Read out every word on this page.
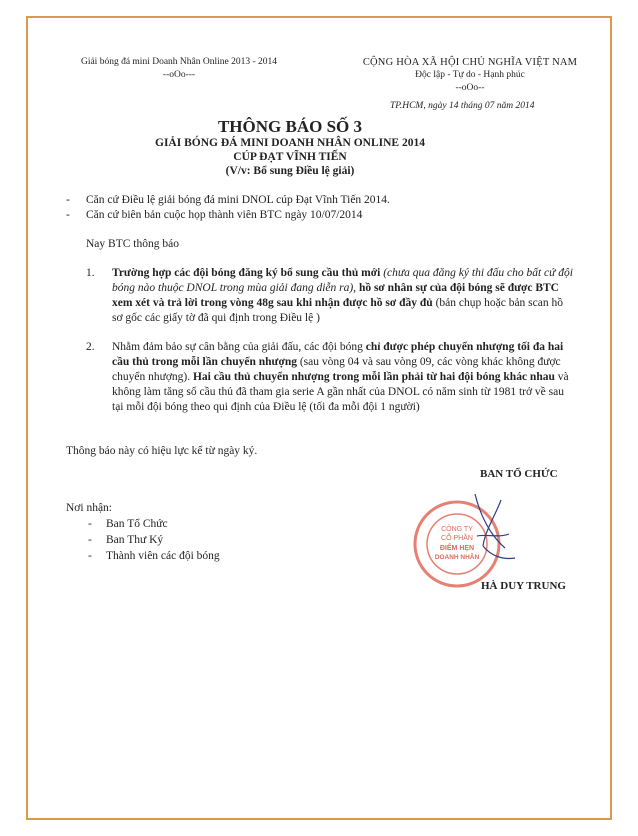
Giải bóng đá mini Doanh Nhân Online 2013 - 2014
--oOo---
CỘNG HÒA XÃ HỘI CHỦ NGHĨA VIỆT NAM
Độc lập - Tự do - Hạnh phúc
--oOo--
TP.HCM, ngày 14 tháng 07 năm 2014
THÔNG BÁO SỐ 3
GIẢI BÓNG ĐÁ MINI DOANH NHÂN ONLINE 2014
CÚP ĐẠT VĨNH TIẾN
(V/v: Bổ sung Điều lệ giải)
- Căn cứ Điều lệ giải bóng đá mini DNOL cúp Đạt Vĩnh Tiến 2014.
- Căn cứ biên bản cuộc họp thành viên BTC ngày 10/07/2014
Nay BTC thông báo
1. Trường hợp các đội bóng đăng ký bổ sung cầu thủ mới (chưa qua đăng ký thi đấu cho bất cứ đội bóng nào thuộc DNOL trong mùa giải đang diễn ra), hồ sơ nhân sự của đội bóng sẽ được BTC xem xét và trả lời trong vòng 48g sau khi nhận được hồ sơ đầy đủ (bản chụp hoặc bản scan hồ sơ gốc các giấy tờ đã qui định trong Điều lệ )
2. Nhằm đảm bảo sự cân bằng của giải đấu, các đội bóng chỉ được phép chuyển nhượng tối đa hai cầu thủ trong mỗi lần chuyển nhượng (sau vòng 04 và sau vòng 09, các vòng khác không được chuyển nhượng). Hai cầu thủ chuyển nhượng trong mỗi lần phải từ hai đội bóng khác nhau và không làm tăng số cầu thủ đã tham gia serie A gần nhất của DNOL có năm sinh từ 1981 trở về sau tại mỗi đội bóng theo qui định của Điều lệ (tối đa mỗi đội 1 người)
Thông báo này có hiệu lực kể từ ngày ký.
BAN TỔ CHỨC
CÔNG TY
CỔ PHẦN
ĐIỂM HẸN
DOANH NHÂN
Nơi nhận:
- Ban Tổ Chức
- Ban Thư Ký
- Thành viên các đội bóng
HÀ DUY TRUNG
